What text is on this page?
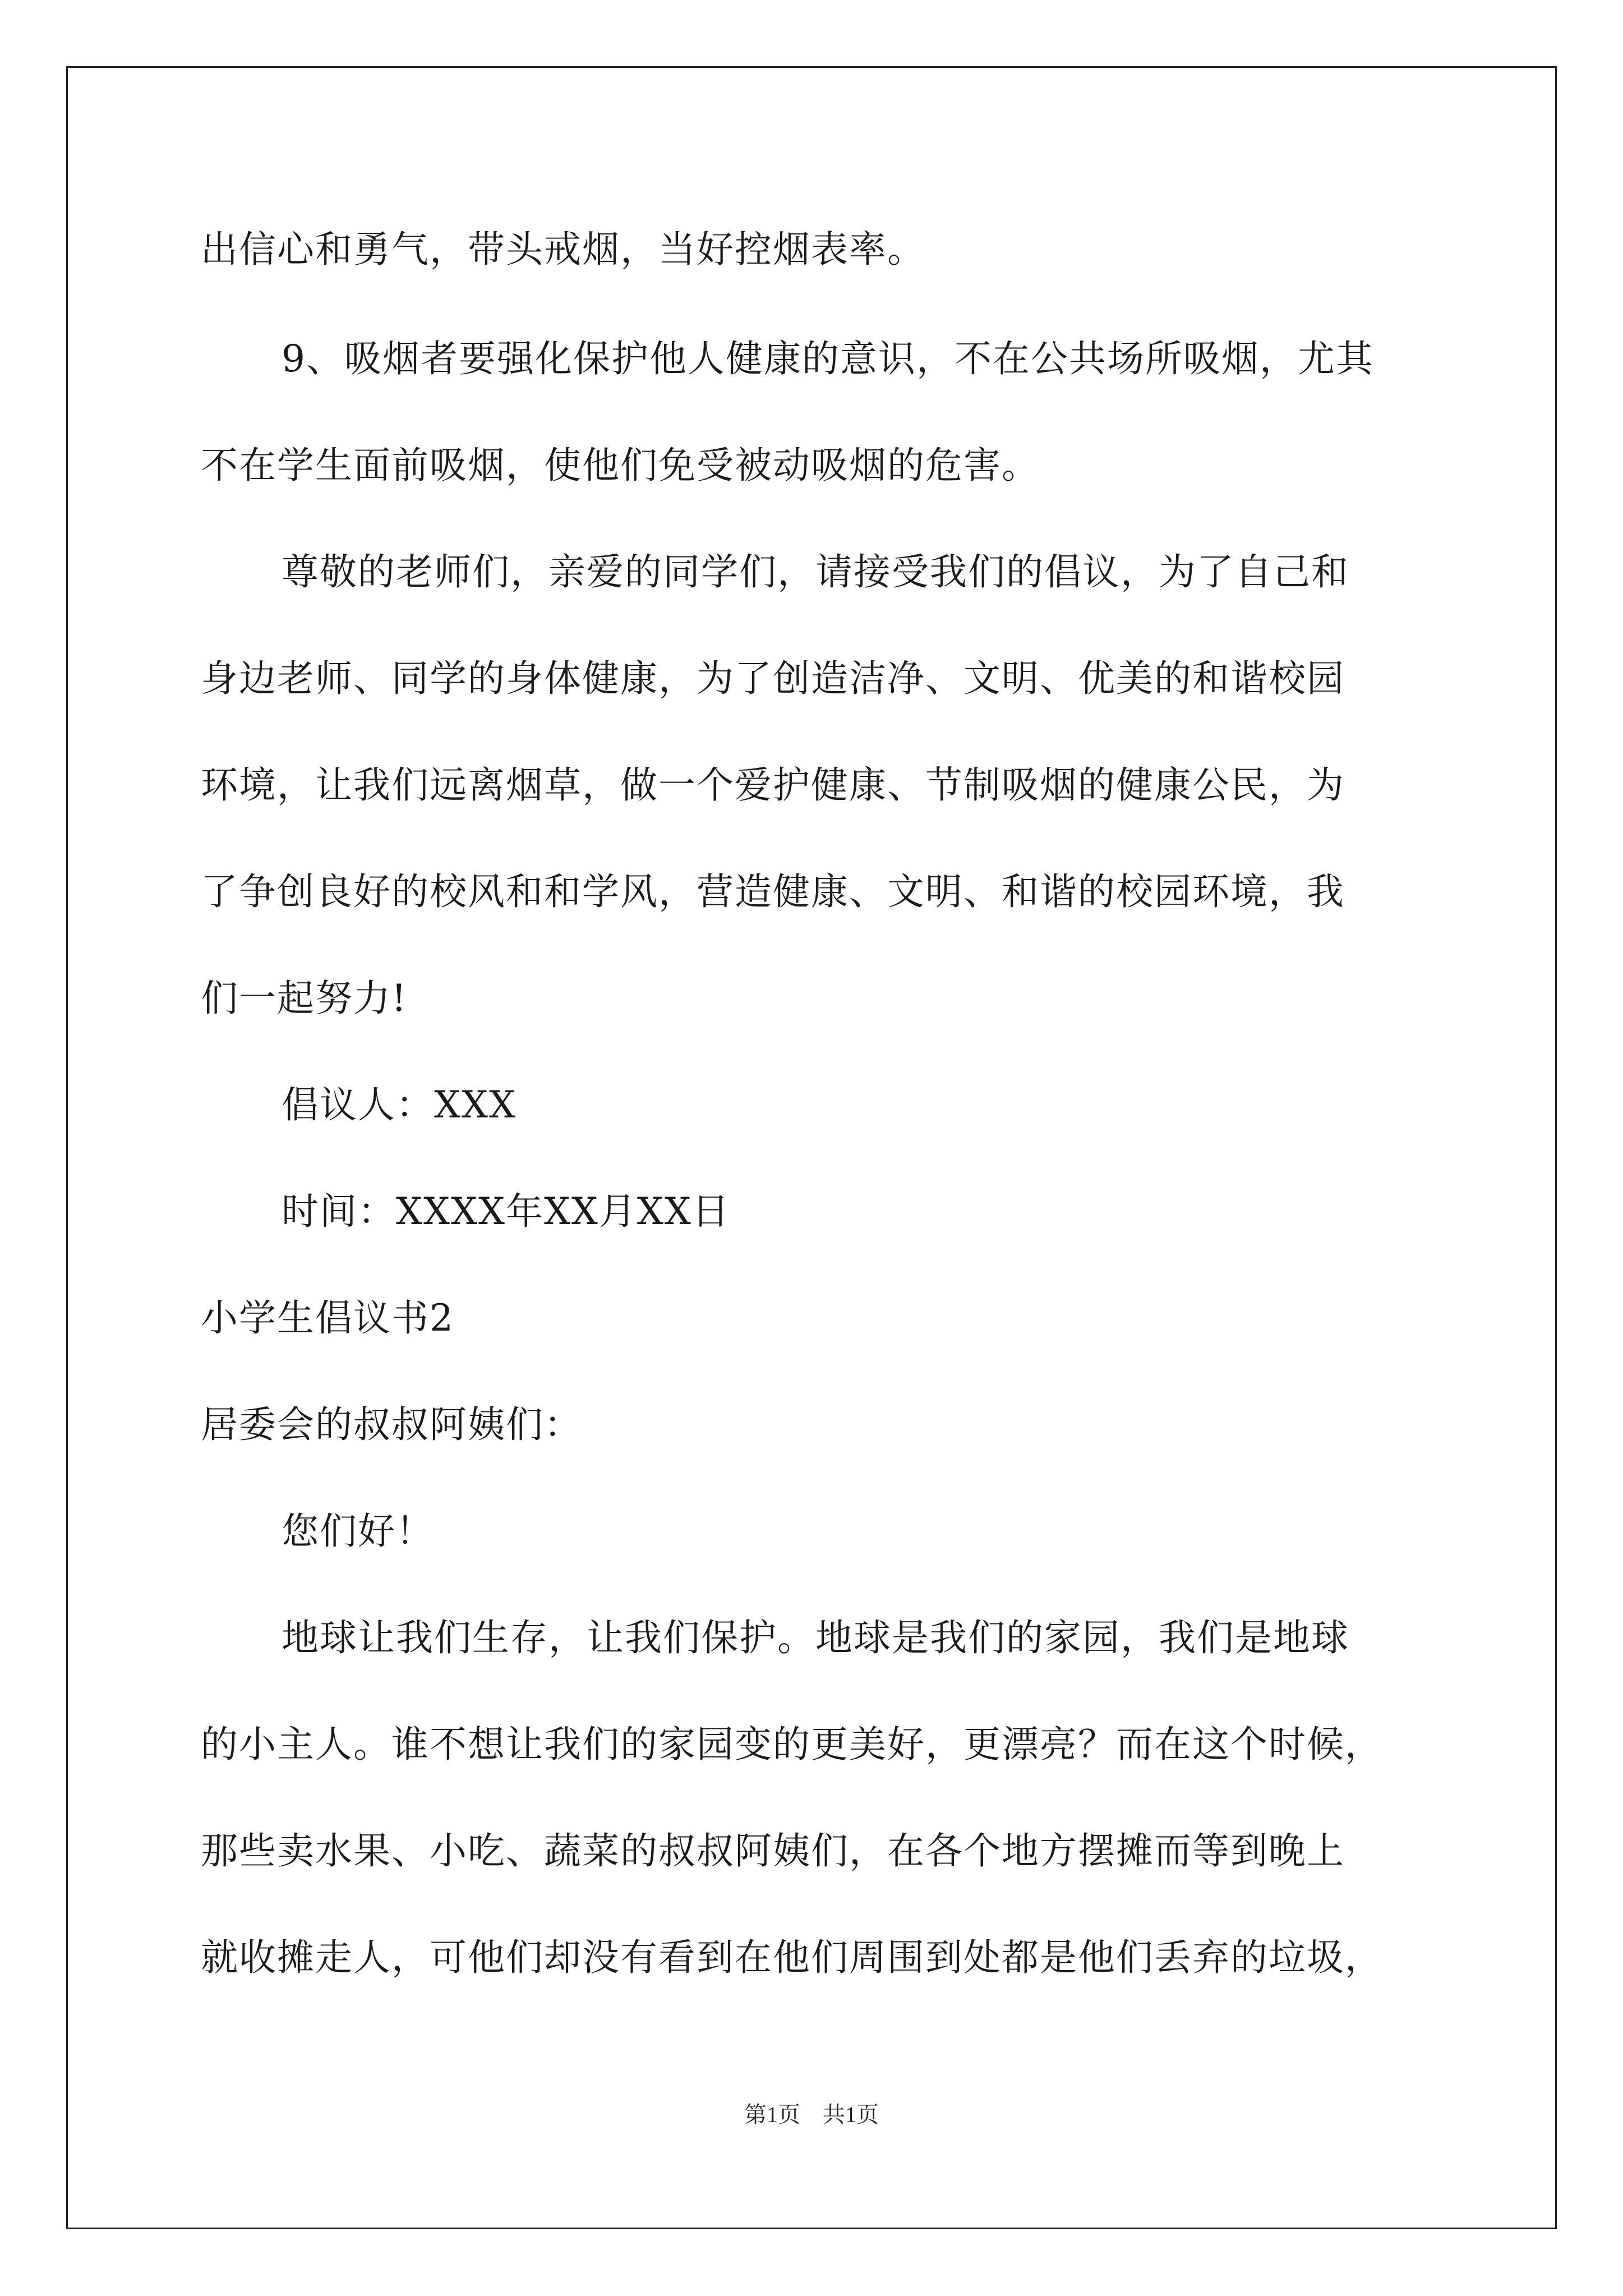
出信心和勇气，带头戒烟，当好控烟表率。
9、吸烟者要强化保护他人健康的意识，不在公共场所吸烟，尤其
不在学生面前吸烟，使他们免受被动吸烟的危害。
尊敬的老师们，亲爱的同学们，请接受我们的倡议，为了自己和
身边老师、同学的身体健康，为了创造洁净、文明、优美的和谐校园
环境，让我们远离烟草，做一个爱护健康、节制吸烟的健康公民，为
了争创良好的校风和和学风，营造健康、文明、和谐的校园环境，我
们一起努力!
倡议人：XXX
时间：XXXX年XX月XX日
小学生倡议书2
居委会的叔叔阿姨们：
您们好！
地球让我们生存，让我们保护。地球是我们的家园，我们是地球
的小主人。谁不想让我们的家园变的更美好，更漂亮？而在这个时候，
那些卖水果、小吃、蔬菜的叔叔阿姨们，在各个地方摆摊而等到晚上
就收摊走人，可他们却没有看到在他们周围到处都是他们丢弃的垃圾，
第1页　共1页
